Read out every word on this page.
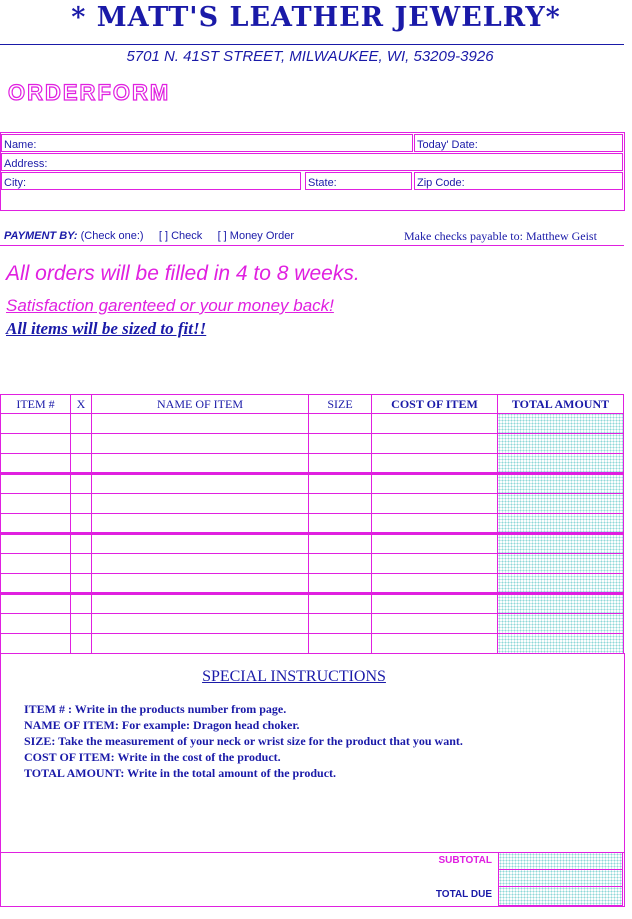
* MATT'S LEATHER JEWELRY*
5701 N. 41ST STREET, MILWAUKEE, WI, 53209-3926
ORDERFORM
Name:	Today' Date:
Address:
City:	State:	Zip Code:
PAYMENT BY: (Check one:) [ ] Check [ ] Money Order	Make checks payable to: Matthew Geist
All orders will be filled in 4 to 8 weeks.
Satisfaction garenteed or your money back!
All items will be sized to fit!!
ITEM #	X	NAME OF ITEM	SIZE	COST OF ITEM	TOTAL AMOUNT
SPECIAL INSTRUCTIONS
ITEM # : Write in the products number from page.
NAME OF ITEM: For example: Dragon head choker.
SIZE: Take the measurement of your neck or wrist size for the product that you want.
COST OF ITEM: Write in the cost of the product.
TOTAL AMOUNT: Write in the total amount of the product.
SUBTOTAL
TOTAL DUE
